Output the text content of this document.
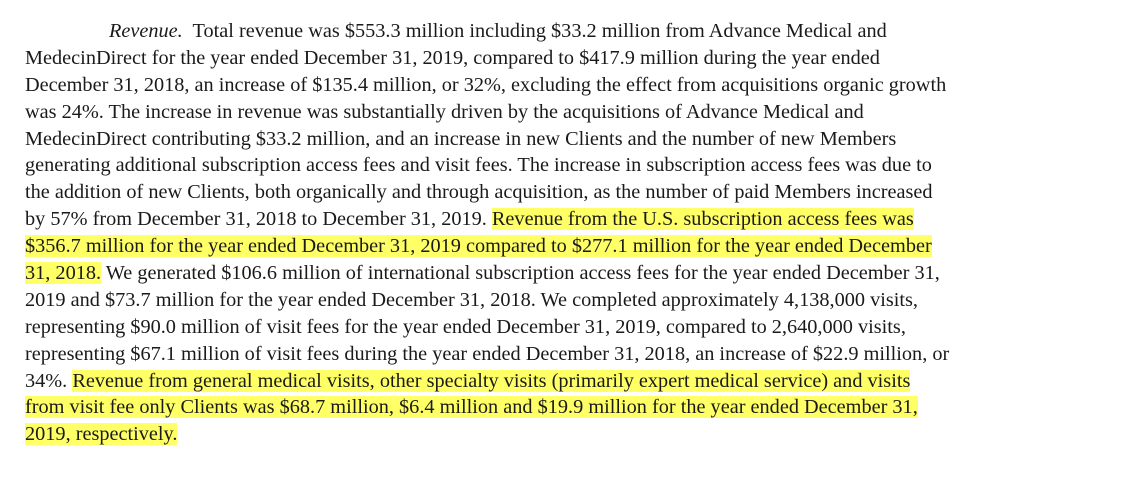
Revenue. Total revenue was $553.3 million including $33.2 million from Advance Medical and
MedecinDirect for the year ended December 31, 2019, compared to $417.9 million during the year ended
December 31, 2018, an increase of $135.4 million, or 32%, excluding the effect from acquisitions organic growth
was 24%. The increase in revenue was substantially driven by the acquisitions of Advance Medical and
MedecinDirect contributing $33.2 million, and an increase in new Clients and the number of new Members
generating additional subscription access fees and visit fees. The increase in subscription access fees was due to
the addition of new Clients, both organically and through acquisition, as the number of paid Members increased
by 57% from December 31, 2018 to December 31, 2019. Revenue from the U.S. subscription access fees was
$356.7 million for the year ended December 31, 2019 compared to $277.1 million for the year ended December
31, 2018. We generated $106.6 million of international subscription access fees for the year ended December 31,
2019 and $73.7 million for the year ended December 31, 2018. We completed approximately 4,138,000 visits,
representing $90.0 million of visit fees for the year ended December 31, 2019, compared to 2,640,000 visits,
representing $67.1 million of visit fees during the year ended December 31, 2018, an increase of $22.9 million, or
34%. Revenue from general medical visits, other specialty visits (primarily expert medical service) and visits
from visit fee only Clients was $68.7 million, $6.4 million and $19.9 million for the year ended December 31,
2019, respectively.
